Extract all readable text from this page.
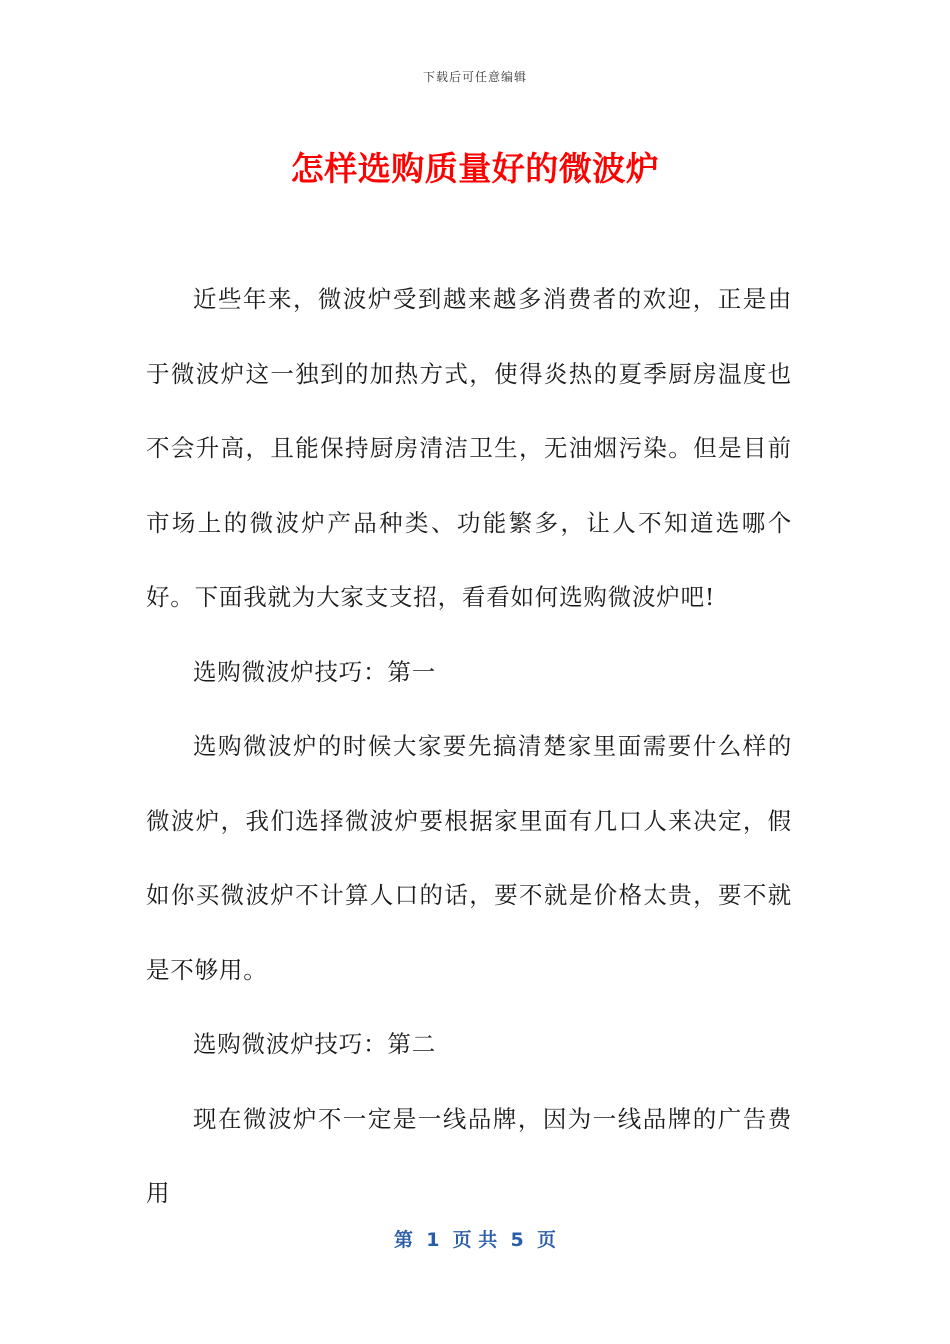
下载后可任意编辑
怎样选购质量好的微波炉

近些年来，微波炉受到越来越多消费者的欢迎，正是由于微波炉这一独到的加热方式，使得炎热的夏季厨房温度也不会升高，且能保持厨房清洁卫生，无油烟污染。但是目前市场上的微波炉产品种类、功能繁多，让人不知道选哪个好。下面我就为大家支支招，看看如何选购微波炉吧!

选购微波炉技巧：第一

选购微波炉的时候大家要先搞清楚家里面需要什么样的微波炉，我们选择微波炉要根据家里面有几口人来决定，假如你买微波炉不计算人口的话，要不就是价格太贵，要不就是不够用。

选购微波炉技巧：第二

现在微波炉不一定是一线品牌，因为一线品牌的广告费用

第  1  页 共  5  页
